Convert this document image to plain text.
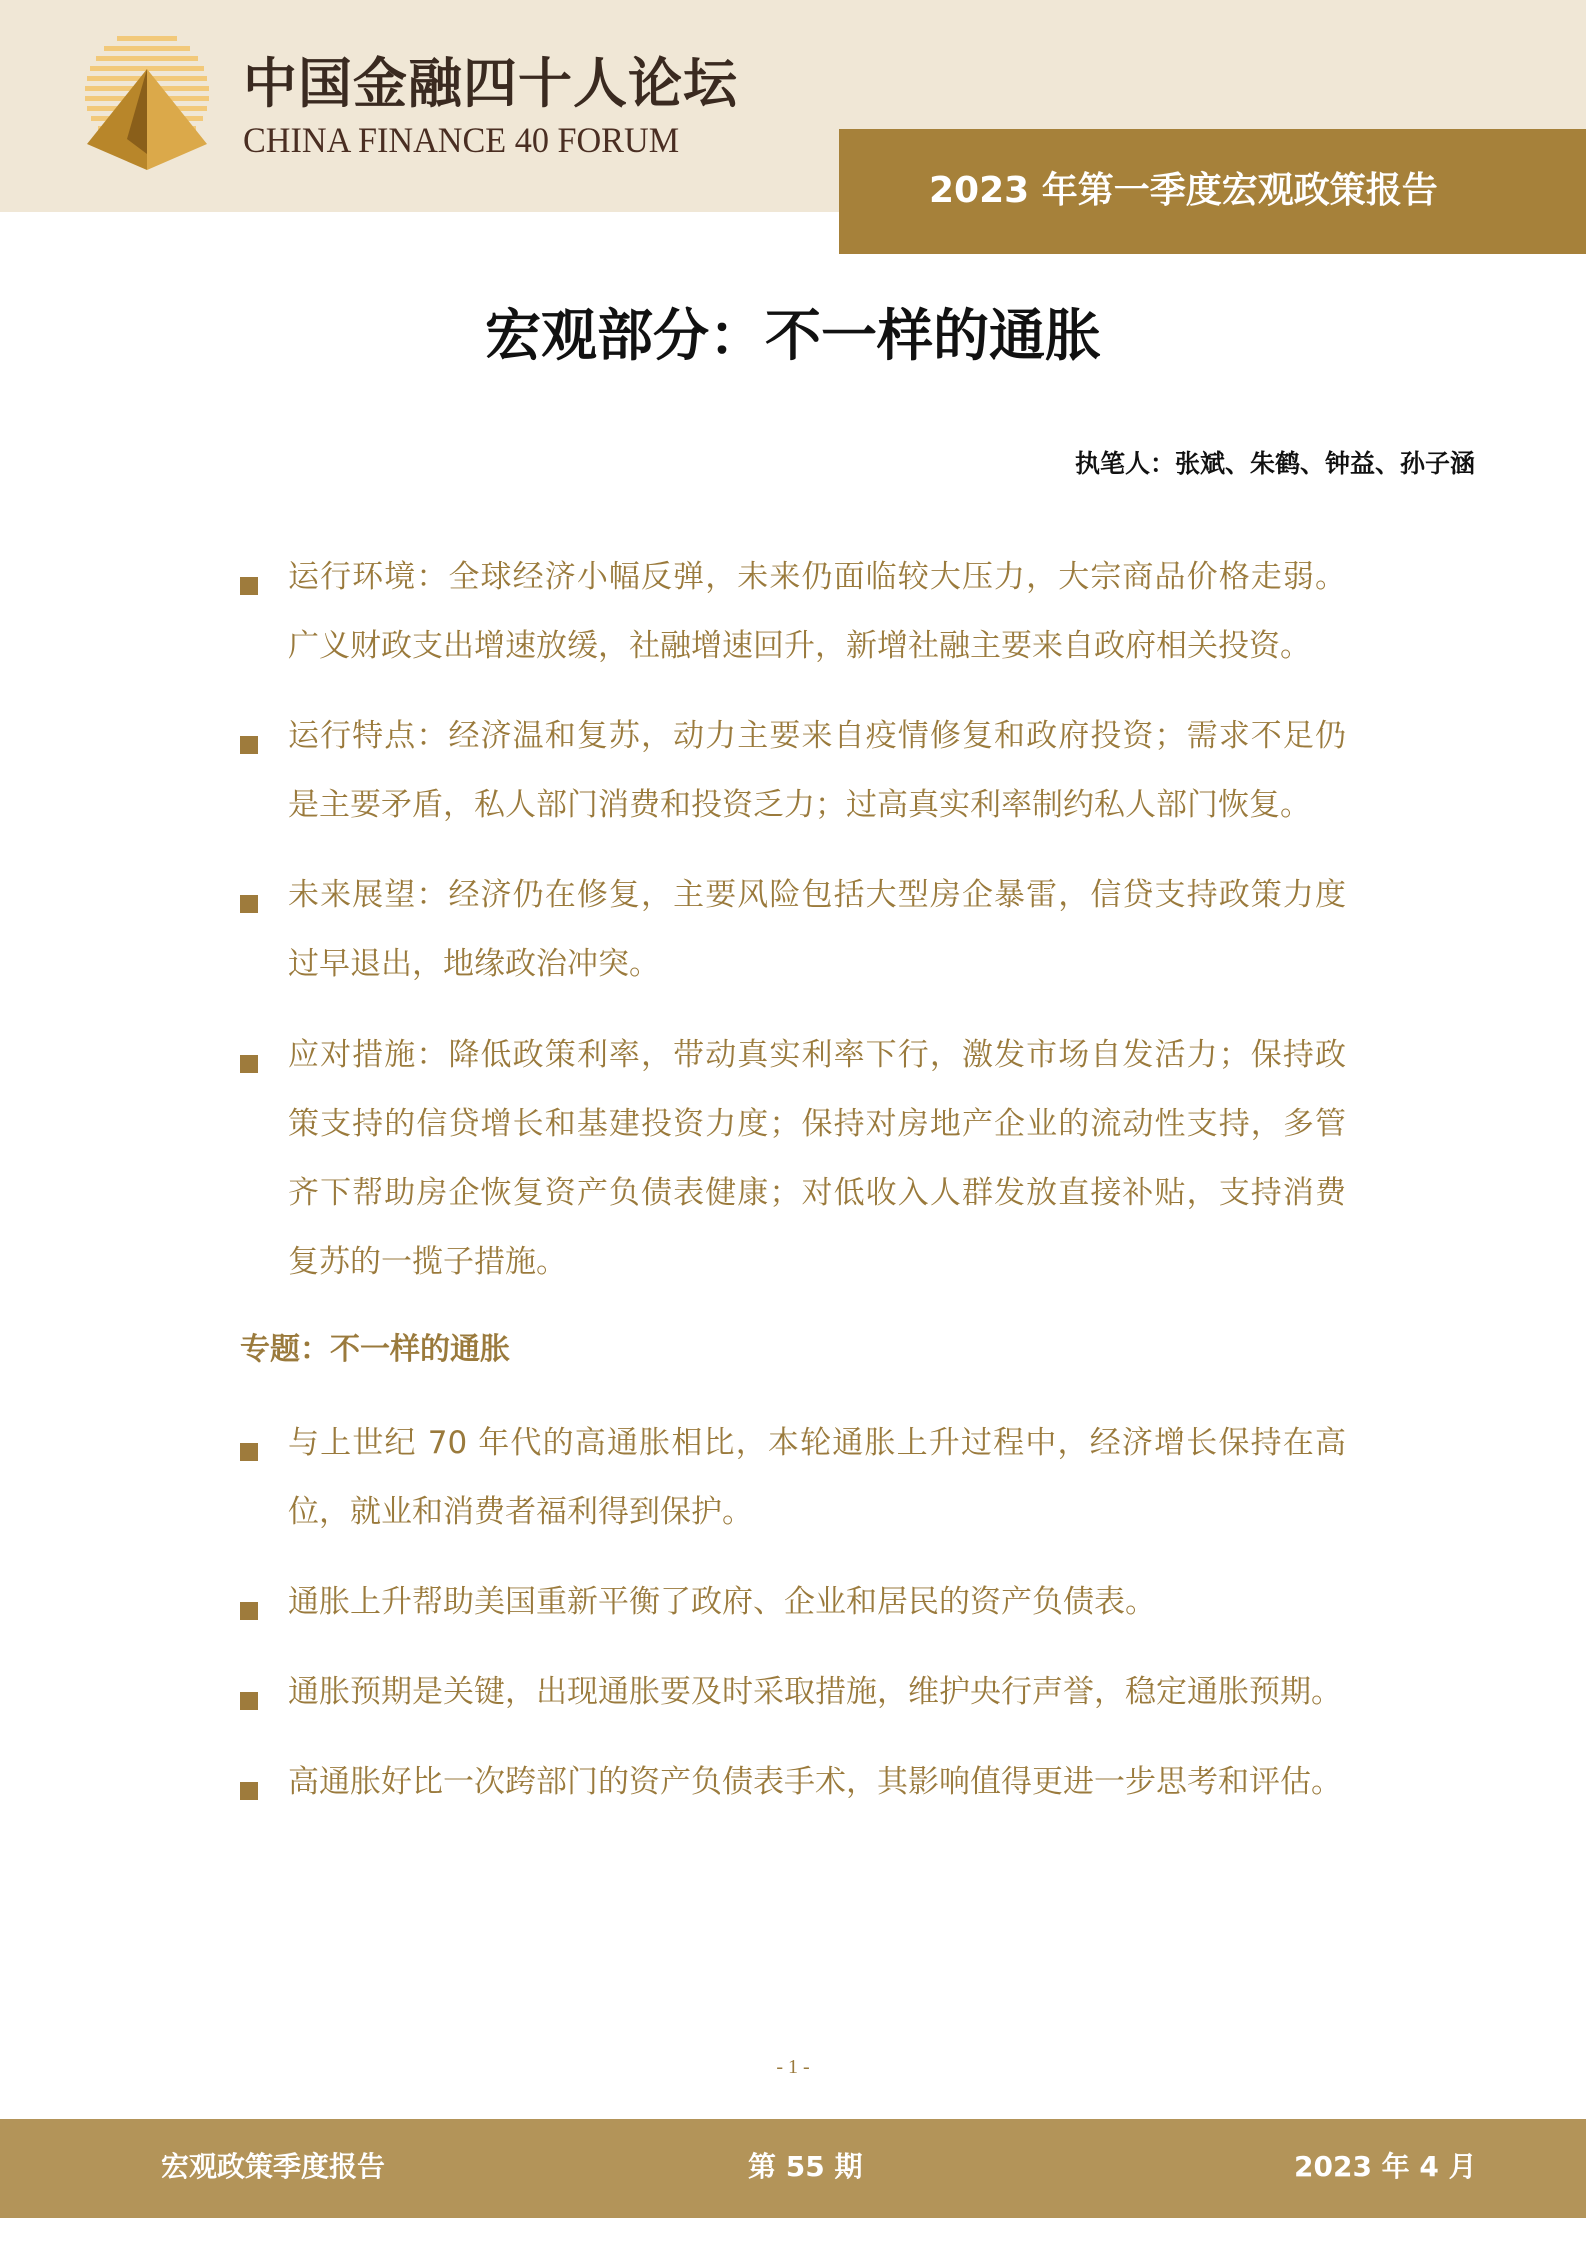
中国金融四十人论坛
CHINA FINANCE 40 FORUM
2023 年第一季度宏观政策报告
宏观部分：不一样的通胀
执笔人：张斌、朱鹤、钟益、孙子涵
运行环境：全球经济小幅反弹，未来仍面临较大压力，大宗商品价格走弱。
广义财政支出增速放缓，社融增速回升，新增社融主要来自政府相关投资。
运行特点：经济温和复苏，动力主要来自疫情修复和政府投资；需求不足仍
是主要矛盾，私人部门消费和投资乏力；过高真实利率制约私人部门恢复。
未来展望：经济仍在修复，主要风险包括大型房企暴雷，信贷支持政策力度
过早退出，地缘政治冲突。
应对措施：降低政策利率，带动真实利率下行，激发市场自发活力；保持政
策支持的信贷增长和基建投资力度；保持对房地产企业的流动性支持，多管
齐下帮助房企恢复资产负债表健康；对低收入人群发放直接补贴，支持消费
复苏的一揽子措施。
与上世纪 70 年代的高通胀相比，本轮通胀上升过程中，经济增长保持在高
位，就业和消费者福利得到保护。
通胀上升帮助美国重新平衡了政府、企业和居民的资产负债表。
通胀预期是关键，出现通胀要及时采取措施，维护央行声誉，稳定通胀预期。
高通胀好比一次跨部门的资产负债表手术，其影响值得更进一步思考和评估。
专题：不一样的通胀
- 1 -
宏观政策季度报告	第 55 期	2023 年 4 月
